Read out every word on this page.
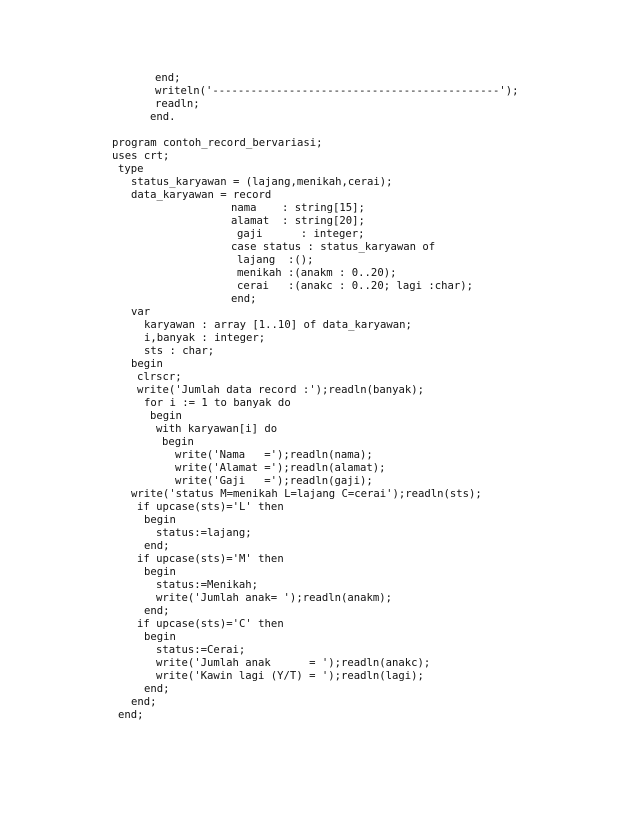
end;
writeln('---------------------------------------------');
readln;
end.
program contoh_record_bervariasi;
uses crt;
type
status_karyawan = (lajang,menikah,cerai);
data_karyawan = record
nama    : string[15];
alamat  : string[20];
gaji      : integer;
case status : status_karyawan of
lajang  :();
menikah :(anakm : 0..20);
cerai   :(anakc : 0..20; lagi :char);
end;
var
karyawan : array [1..10] of data_karyawan;
i,banyak : integer;
sts : char;
begin
clrscr;
write('Jumlah data record :');readln(banyak);
for i := 1 to banyak do
begin
with karyawan[i] do
begin
write('Nama   =');readln(nama);
write('Alamat =');readln(alamat);
write('Gaji   =');readln(gaji);
write('status M=menikah L=lajang C=cerai');readln(sts);
if upcase(sts)='L' then
begin
status:=lajang;
end;
if upcase(sts)='M' then
begin
status:=Menikah;
write('Jumlah anak= ');readln(anakm);
end;
if upcase(sts)='C' then
begin
status:=Cerai;
write('Jumlah anak      = ');readln(anakc);
write('Kawin lagi (Y/T) = ');readln(lagi);
end;
end;
end;
